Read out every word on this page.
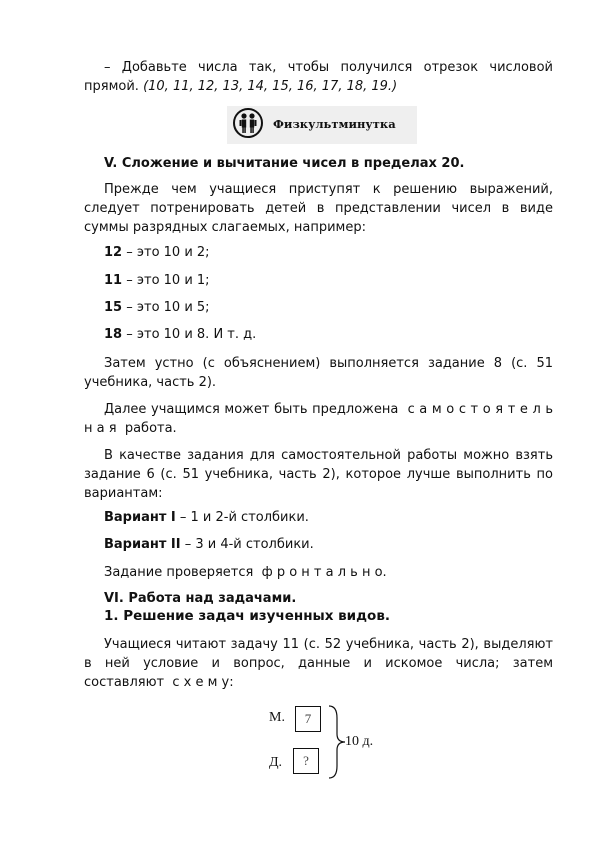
– Добавьте числа так, чтобы получился отрезок числовой прямой. (10, 11, 12, 13, 14, 15, 16, 17, 18, 19.)

Физкультминутка

V. Сложение и вычитание чисел в пределах 20.

Прежде чем учащиеся приступят к решению выражений, следует потренировать детей в представлении чисел в виде суммы разрядных слагаемых, например:

12 – это 10 и 2;

11 – это 10 и 1;

15 – это 10 и 5;

18 – это 10 и 8. И т. д.

Затем устно (с объяснением) выполняется задание 8 (с. 51 учебника, часть 2).

Далее учащимся может быть предложена с а м о с т о я т е л ь н а я работа.

В качестве задания для самостоятельной работы можно взять задание 6 (с. 51 учебника, часть 2), которое лучше выполнить по вариантам:

Вариант I – 1 и 2-й столбики.

Вариант II – 3 и 4-й столбики.

Задание проверяется ф р о н т а л ь н о.

VI. Работа над задачами.

1. Решение задач изученных видов.

Учащиеся читают задачу 11 (с. 52 учебника, часть 2), выделяют в ней условие и вопрос, данные и искомое числа; затем составляют с х е м у:

М.	7
Д.	?
10 д.
